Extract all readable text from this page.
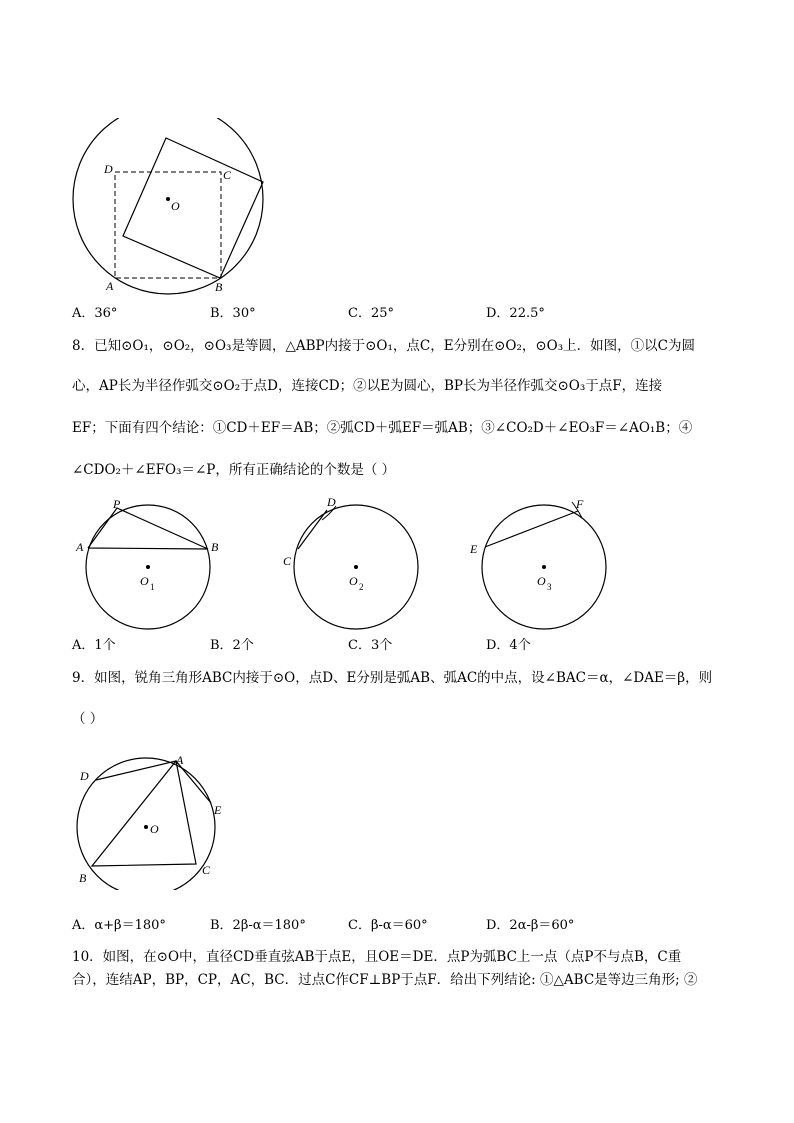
D	C
O
A	B
A．36°	B．30°	C．25°	D．22.5°
8．已知⊙O₁，⊙O₂，⊙O₃是等圆，△ABP内接于⊙O₁，点C，E分别在⊙O₂，⊙O₃上．如图，①以C为圆
心，AP长为半径作弧交⊙O₂于点D，连接CD；②以E为圆心，BP长为半径作弧交⊙O₃于点F，连接
EF；下面有四个结论：①CD＋EF＝AB；②弧CD＋弧EF＝弧AB；③∠CO₂D＋∠EO₃F＝∠AO₁B；④
∠CDO₂＋∠EFO₃＝∠P，所有正确结论的个数是（ ）
P
A	B
O 1
D
C
O 2
F
E
O 3
A．1个	B．2个	C．3个	D．4个
9．如图，锐角三角形ABC内接于⊙O，点D、E分别是弧AB、弧AC的中点，设∠BAC＝α，∠DAE＝β，则
（ ）
A
D
E
O
B
C
A．α+β＝180°	B．2β-α＝180°	C．β-α＝60°	D．2α-β＝60°
10．如图，在⊙O中，直径CD垂直弦AB于点E，且OE＝DE．点P为弧BC上一点（点P不与点B，C重
合），连结AP，BP，CP，AC，BC．过点C作CF⊥BP于点F．给出下列结论: ①△ABC是等边三角形; ②
